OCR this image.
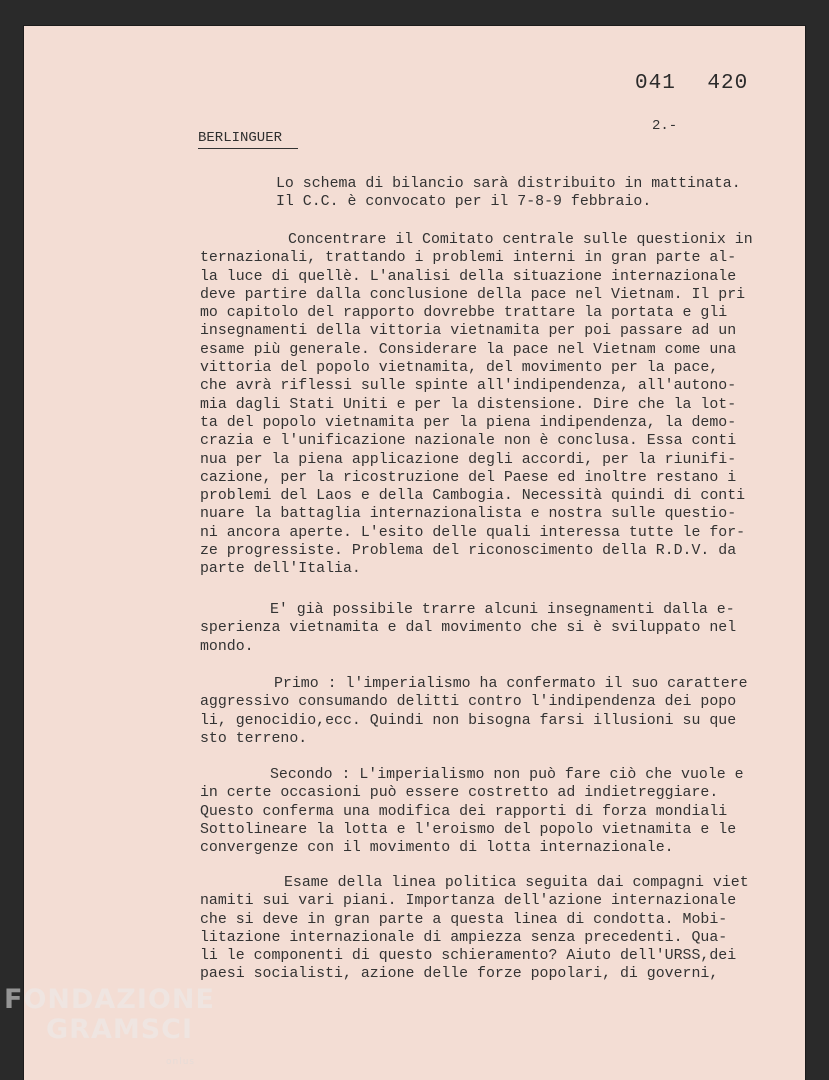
041 420
2.-
BERLINGUER
Lo schema di bilancio sarà distribuito in mattinata.
Il C.C. è convocato per il 7-8-9 febbraio.
Concentrare il Comitato centrale sulle questionix in
ternazionali, trattando i problemi interni in gran parte al-
la luce di quellè. L'analisi della situazione internazionale
deve partire dalla conclusione della pace nel Vietnam. Il pri
mo capitolo del rapporto dovrebbe trattare la portata e gli
insegnamenti della vittoria vietnamita per poi passare ad un
esame più generale. Considerare la pace nel Vietnam come una
vittoria del popolo vietnamita, del movimento per la pace,
che avrà riflessi sulle spinte all'indipendenza, all'autono-
mia dagli Stati Uniti e per la distensione. Dire che la lot-
ta del popolo vietnamita per la piena indipendenza, la demo-
crazia e l'unificazione nazionale non è conclusa. Essa conti
nua per la piena applicazione degli accordi, per la riunifi-
cazione, per la ricostruzione del Paese ed inoltre restano i
problemi del Laos e della Cambogia. Necessità quindi di conti
nuare la battaglia internazionalista e nostra sulle questio-
ni ancora aperte. L'esito delle quali interessa tutte le for-
ze progressiste. Problema del riconoscimento della R.D.V. da
parte dell'Italia.
E' già possibile trarre alcuni insegnamenti dalla e-
sperienza vietnamita e dal movimento che si è sviluppato nel
mondo.
Primo : l'imperialismo ha confermato il suo carattere
aggressivo consumando delitti contro l'indipendenza dei popo
li, genocidio,ecc. Quindi non bisogna farsi illusioni su que
sto terreno.
Secondo : L'imperialismo non può fare ciò che vuole e
in certe occasioni può essere costretto ad indietreggiare.
Questo conferma una modifica dei rapporti di forza mondiali
Sottolineare la lotta e l'eroismo del popolo vietnamita e le
convergenze con il movimento di lotta internazionale.
Esame della linea politica seguita dai compagni viet
namiti sui vari piani. Importanza dell'azione internazionale
che si deve in gran parte a questa linea di condotta. Mobi-
litazione internazionale di ampiezza senza precedenti. Qua-
li le componenti di questo schieramento? Aiuto dell'URSS,dei
paesi socialisti, azione delle forze popolari, di governi,
FONDAZIONE
GRAMSCI
onlus
